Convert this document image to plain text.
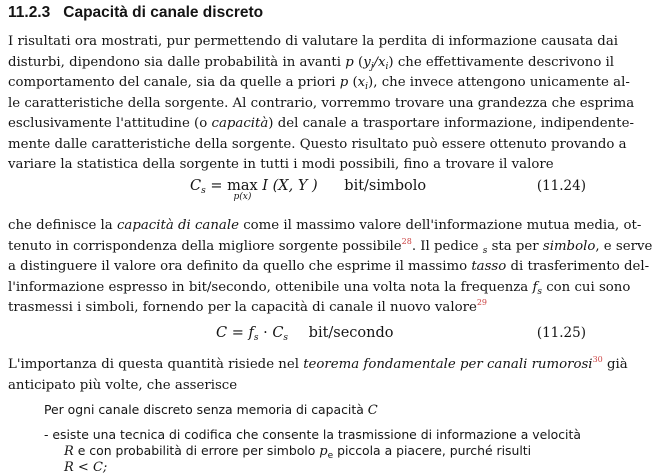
11.2.3 Capacità di canale discreto
I risultati ora mostrati, pur permettendo di valutare la perdita di informazione causata dai
disturbi, dipendono sia dalle probabilità in avanti p $(y_j/x_i)$ che effettivamente descrivono il
comportamento del canale, sia da quelle a priori p $(x_i)$, che invece attengono unicamente al-
le caratteristiche della sorgente. Al contrario, vorremmo trovare una grandezza che esprima
esclusivamente l'attitudine (o capacità) del canale a trasportare informazione, indipendente-
mente dalle caratteristiche della sorgente. Questo risultato può essere ottenuto provando a
variare la statistica della sorgente in tutti i modi possibili, fino a trovare il valore
$C_s = \max$
p(x)
I (X, Y ) bit/simbolo	(11.24)
che definisce la capacità di canale come il massimo valore dell'informazione mutua media, ot-
tenuto in corrispondenza della migliore sorgente possibile$^{28}$. Il pedice $_s$ sta per simbolo, e serve
a distinguere il valore ora definito da quello che esprime il massimo tasso di trasferimento del-
l'informazione espresso in bit/secondo, ottenibile una volta nota la frequenza $f_s$ con cui sono
trasmessi i simboli, fornendo per la capacità di canale il nuovo valore$^{29}$
$C = f_s \cdot C_s$ bit/secondo	(11.25)
L'importanza di questa quantità risiede nel teorema fondamentale per canali rumorosi$^{30}$ già
anticipato più volte, che asserisce
Per ogni canale discreto senza memoria di capacità C
- esiste una tecnica di codifica che consente la trasmissione di informazione a velocità
R e con probabilità di errore per simbolo $p_e$ piccola a piacere, purché risulti
R < C;
